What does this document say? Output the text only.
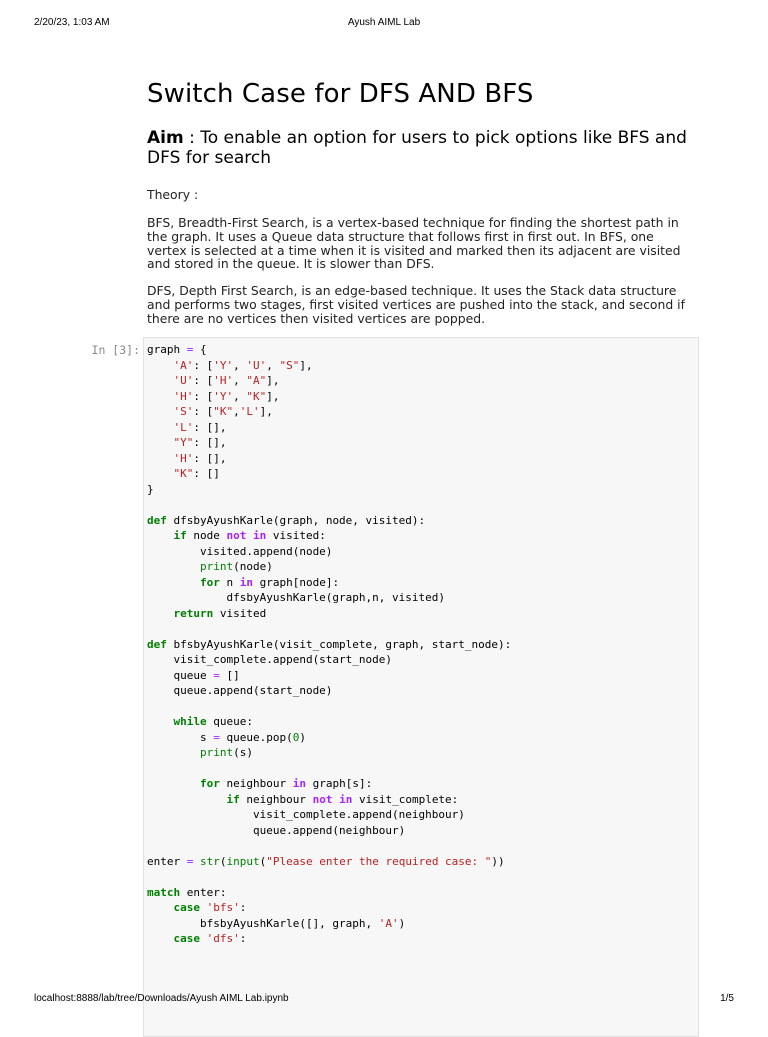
2/20/23, 1:03 AM	Ayush AIML Lab
Switch Case for DFS AND BFS
Aim : To enable an option for users to pick options like BFS and DFS for search

Theory :

BFS, Breadth-First Search, is a vertex-based technique for finding the shortest path in the graph. It uses a Queue data structure that follows first in first out. In BFS, one vertex is selected at a time when it is visited and marked then its adjacent are visited and stored in the queue. It is slower than DFS.

DFS, Depth First Search, is an edge-based technique. It uses the Stack data structure and performs two stages, first visited vertices are pushed into the stack, and second if there are no vertices then visited vertices are popped.

In [3]: graph = {
'A': ['Y', 'U', "S"],
'U': ['H', "A"],
'H': ['Y', "K"],
'S': ["K",'L'],
'L': [],
"Y": [],
'H': [],
"K": []
}

def dfsbyAyushKarle(graph, node, visited):
if node not in visited:
visited.append(node)
print(node)
for n in graph[node]:
dfsbyAyushKarle(graph,n, visited)
return visited

def bfsbyAyushKarle(visit_complete, graph, start_node):
visit_complete.append(start_node)
queue = []
queue.append(start_node)

while queue:
s = queue.pop(0)
print(s)

for neighbour in graph[s]:
if neighbour not in visit_complete:
visit_complete.append(neighbour)
queue.append(neighbour)

enter = str(input("Please enter the required case: "))

match enter:
case 'bfs':
bfsbyAyushKarle([], graph, 'A')
case 'dfs':
localhost:8888/lab/tree/Downloads/Ayush AIML Lab.ipynb	1/5
